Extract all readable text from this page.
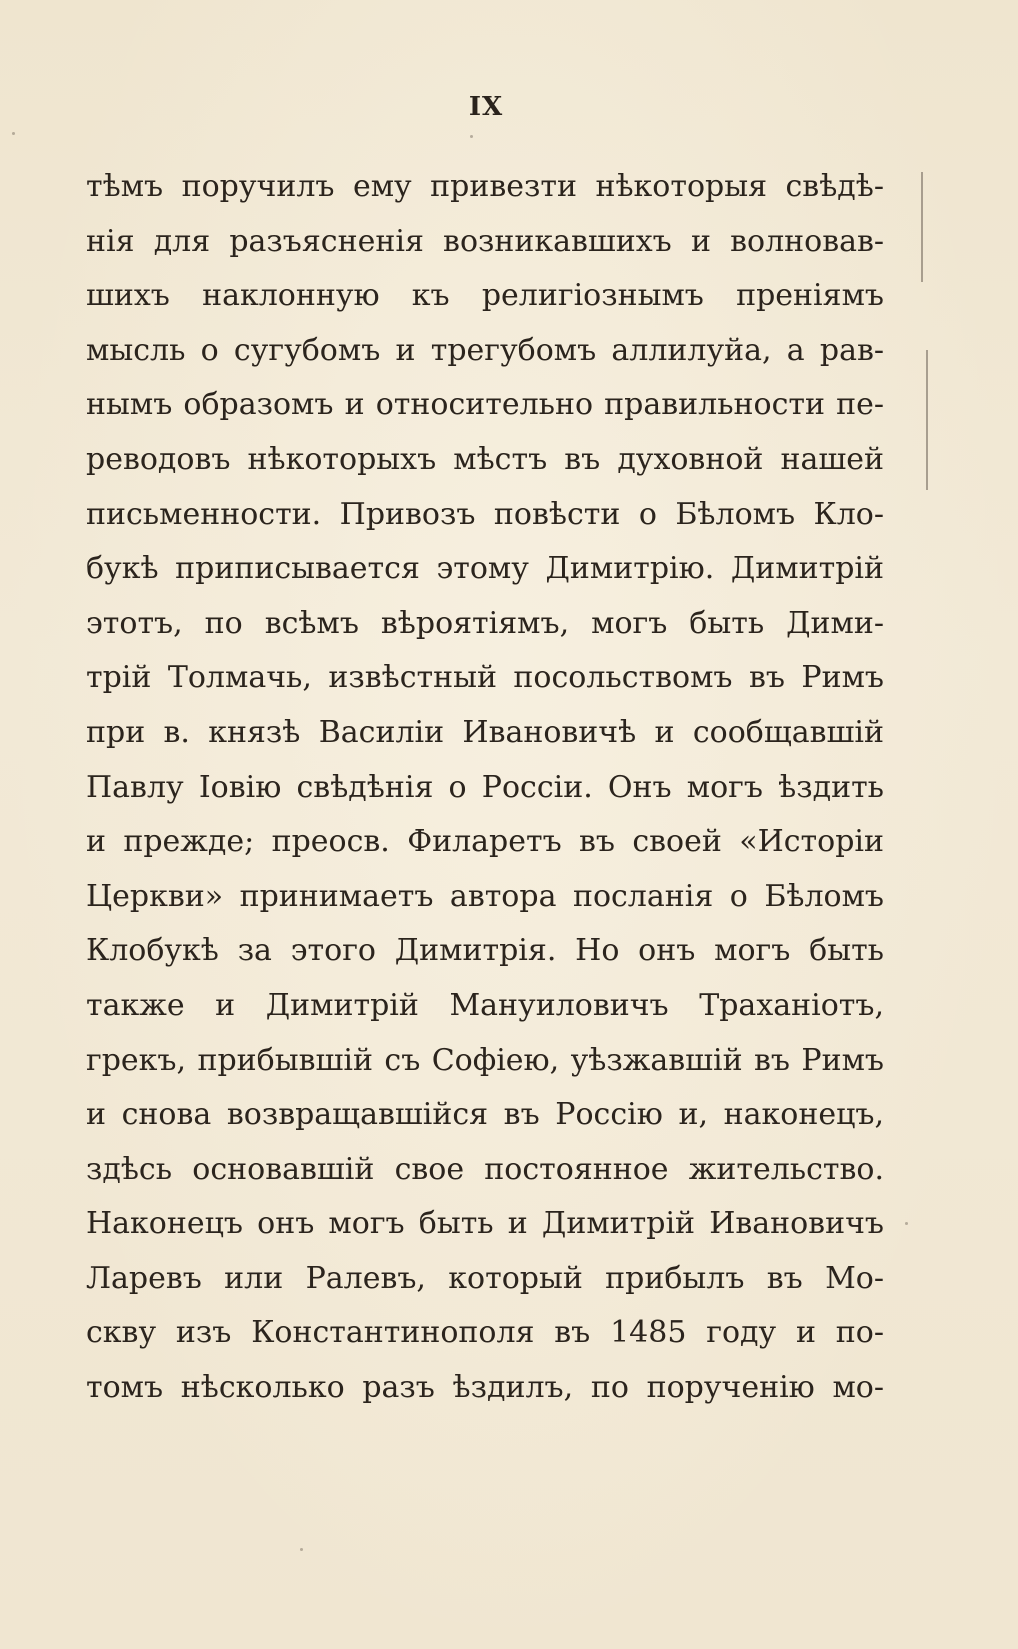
IX
тѣмъ поручилъ ему привезти нѣкоторыя свѣдѣ-
нія для разъясненія возникавшихъ и волновав-
шихъ наклонную къ религіознымъ преніямъ
мысль о сугубомъ и трегубомъ аллилуйа, а рав-
нымъ образомъ и относительно правильности пе-
реводовъ нѣкоторыхъ мѣстъ въ духовной нашей
письменности. Привозъ повѣсти о Бѣломъ Кло-
букѣ приписывается этому Димитрію. Димитрій
этотъ, по всѣмъ вѣроятіямъ, могъ быть Дими-
трій Толмачь, извѣстный посольствомъ въ Римъ
при в. князѣ Василіи Ивановичѣ и сообщавшій
Павлу Іовію свѣдѣнія о Россіи. Онъ могъ ѣздить
и прежде; преосв. Филаретъ въ своей «Исторіи
Церкви» принимаетъ автора посланія о Бѣломъ
Клобукѣ за этого Димитрія. Но онъ могъ быть
также и Димитрій Мануиловичъ Траханіотъ,
грекъ, прибывшій съ Софіею, уѣзжавшій въ Римъ
и снова возвращавшійся въ Россію и, наконецъ,
здѣсь основавшій свое постоянное жительство.
Наконецъ онъ могъ быть и Димитрій Ивановичъ
Ларевъ или Ралевъ, который прибылъ въ Мо-
скву изъ Константинополя въ 1485 году и по-
томъ нѣсколько разъ ѣздилъ, по порученію мо-
